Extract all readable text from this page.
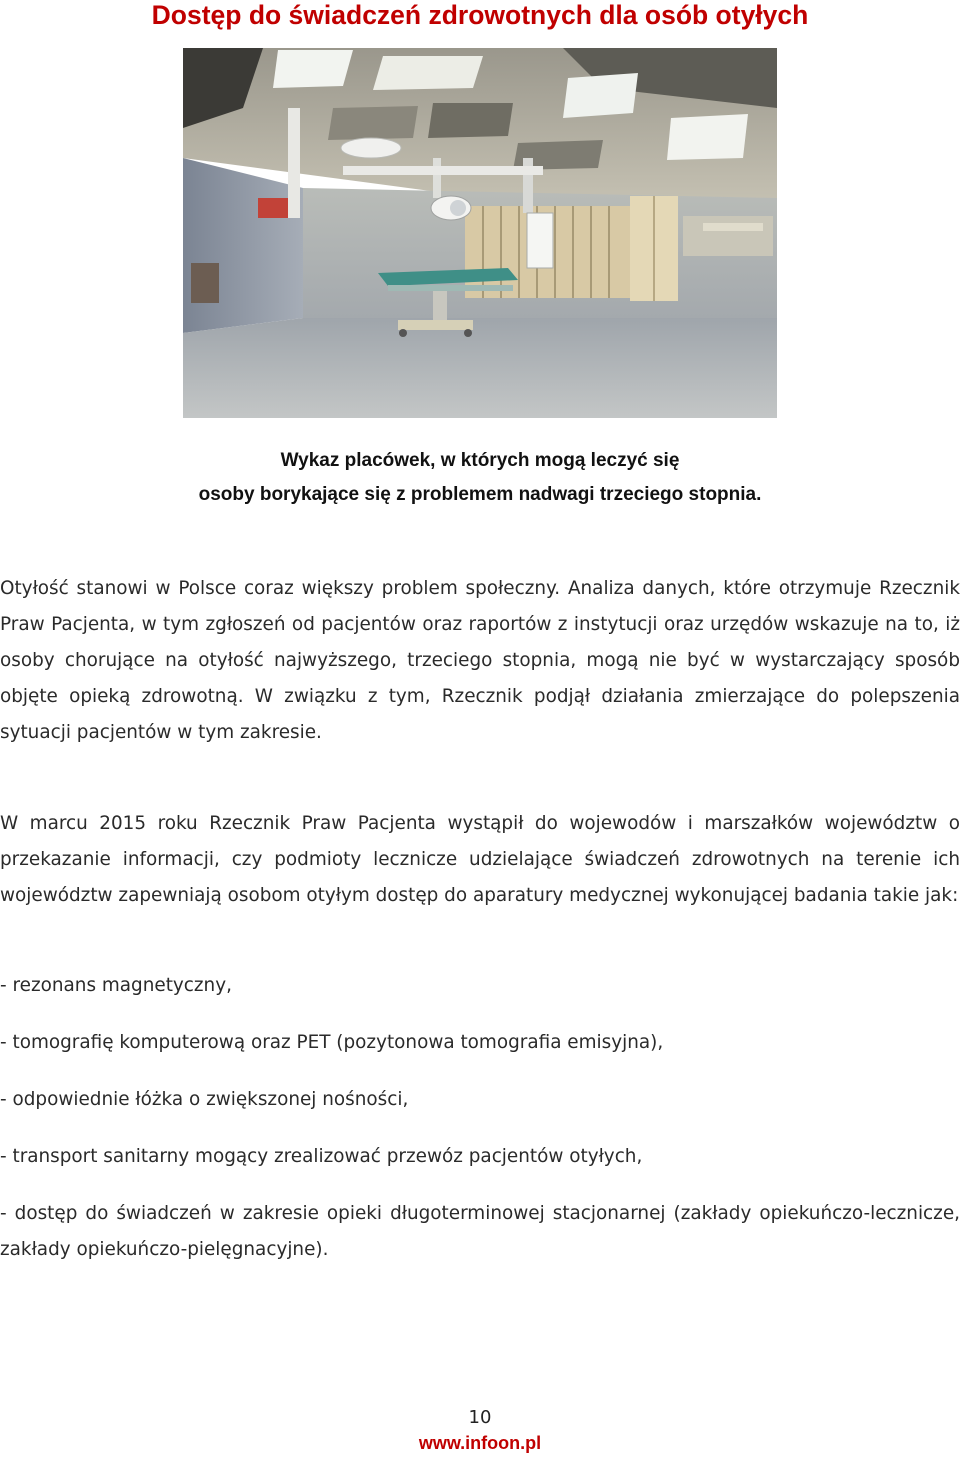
Dostęp do świadczeń zdrowotnych dla osób otyłych
Wykaz placówek, w których mogą leczyć się
osoby borykające się z problemem nadwagi trzeciego stopnia.
Otyłość stanowi w Polsce coraz większy problem społeczny. Analiza danych, które otrzymuje Rzecznik Praw Pacjenta, w tym zgłoszeń od pacjentów oraz raportów z instytucji oraz urzędów wskazuje na to, iż osoby chorujące na otyłość najwyższego, trzeciego stopnia, mogą nie być w wystarczający sposób objęte opieką zdrowotną. W związku z tym, Rzecznik podjął działania zmierzające do polepszenia sytuacji pacjentów w tym zakresie.
W marcu 2015 roku Rzecznik Praw Pacjenta wystąpił do wojewodów i marszałków województw o przekazanie informacji, czy podmioty lecznicze udzielające świadczeń zdrowotnych na terenie ich województw zapewniają osobom otyłym dostęp do aparatury medycznej wykonującej badania takie jak:
- rezonans magnetyczny,
- tomografię komputerową oraz PET (pozytonowa tomografia emisyjna),
- odpowiednie łóżka o zwiększonej nośności,
- transport sanitarny mogący zrealizować przewóz pacjentów otyłych,
- dostęp do świadczeń w zakresie opieki długoterminowej stacjonarnej (zakłady opiekuńczo-lecznicze, zakłady opiekuńczo-pielęgnacyjne).
10
www.infoon.pl
